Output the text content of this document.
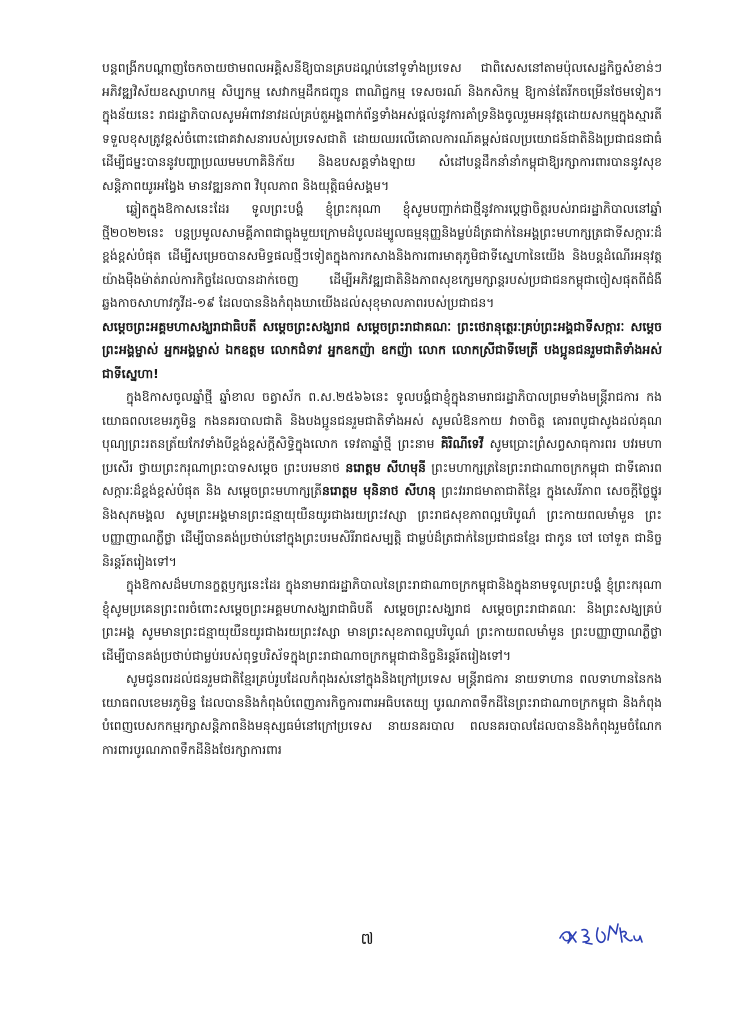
បន្តពង្រីកបណ្តាញចែកចាយថាមពលអគ្គិសនីឱ្យបានគ្របដណ្តប់នៅទូទាំងប្រទេស ជាពិសេសនៅតាមប៉ុលសេដ្ឋកិច្ចសំខាន់ៗ អភិវឌ្ឍវិស័យឧស្សាហកម្ម សិប្បកម្ម សេវាកម្មដឹកជញ្ជូន ពាណិជ្ជកម្ម ទេសចរណ៍ និងកសិកម្ម ឱ្យកាន់តែរីកចម្រើនថែមទៀត។ ក្នុងន័យនេះ រាជរដ្ឋាភិបាលសូមអំពាវនាវដល់គ្រប់តួអង្គពាក់ព័ន្ធទាំងអស់ផ្តល់នូវការគាំទ្រនិងចូលរួមអនុវត្តដោយសកម្មក្នុងស្មារតីទទួលខុសត្រូវខ្ពស់ចំពោះជោគវាសនារបស់ប្រទេសជាតិ ដោយឈរលើគោលការណ៍គម្ពស់ផលប្រយោជន៍ជាតិនិងប្រជាជនជាធំ ដើម្បីជម្នះបាននូវបញ្ហាប្រឈមមហាគិនិក័យ និងឧបសគ្គទាំងឡាយ សំដៅបន្តដឹកនាំនាំកម្ពុជាឱ្យរក្សាការពារបាននូវសុខសន្តិភាពយូរអង្វែង មានវឌ្ឍនភាព វិបុលភាព និងយុត្តិធម៌សង្គម។

ឆ្លៀតក្នុងឱកាសនេះដែរ ទូលព្រះបង្គំ ខ្ញុំព្រះករុណា ខ្ញុំសូមបញ្ជាក់ជាថ្មីនូវការប្តេជ្ញាចិត្តរបស់រាជរដ្ឋាភិបាលនៅឆ្នាំថ្មី២០២២នេះ បន្តប្រមូលសាមគ្គីភាពជាធ្លុងមួយក្រោមដំបូលដម្បូលធម្មនុញ្ញនិងម្លប់ដ៏ត្រជាក់នៃអង្គព្រះមហាក្សត្រជាទីសក្ការៈដ៏ខ្ពង់ខ្ពស់បំផុត ដើម្បីសម្រេចបានសមិទ្ធផលថ្មីៗទៀតក្នុងការកសាងនិងការពារមាតុភូមិជាទីស្នេហានៃយើង និងបន្តដំណើរអនុវត្តយ៉ាងម៉ឺងម៉ាត់រាល់ការកិច្ចដែលបានដាក់ចេញ ដើម្បីអភិវឌ្ឍជាតិនិងភាពសុខក្សេមក្សាន្តរបស់ប្រជាជនកម្ពុជាចៀសផុតពីជំងឺឆ្លងកាចសាហាវកូវីដ-១៩ ដែលបាននិងកំពុងឃាយើងដល់សុខុមាលភាពរបស់ប្រជាជន។

សម្តេចព្រះអគ្គមហាសង្ឃរាជាធិបតី សម្តេចព្រះសង្ឃរាជ សម្តេចព្រះរាជាគណៈ ព្រះថេរានុត្ថេរៈគ្រប់ព្រះអង្គជាទីសក្ការៈ សម្តេច ព្រះអង្គម្ចាស់ អ្នកអង្គម្ចាស់ ឯកឧត្តម លោកជំទាវ អ្នកឧកញ៉ា ឧកញ៉ា លោក លោកស្រីជាទីមេត្រី បងប្អូនជនរួមជាតិទាំងអស់ជាទីស្នេហា!

ក្នុងឱកាសចូលឆ្នាំថ្មី ឆ្នាំខាល ចត្វាស័ក ព.ស.២៥៦៦នេះ ទូលបង្គំជាខ្ញុំក្នុងនាមរាជរដ្ឋាភិបាលព្រមទាំងមន្ត្រីរាជការ កងយោធពលខេមរភូមិន្ទ កងនគរបាលជាតិ និងបងប្អូនជនរួមជាតិទាំងអស់ សូមលំឱនកាយ វាចាចិត្ត គោរពបូជាសូងដល់គុណបុណ្យព្រះរតនត្រ័យកែវទាំងបីខ្ពង់ខ្ពស់ក្ដីសិទ្ធិក្នុងលោក ទេវតាឆ្នាំថ្មី ព្រះនាម គិរិណីទេវី សូមប្រោះព្រំសព្វសាធុការពរ បវរមហាប្រសើរ ថ្វាយព្រះករុណាព្រះបាទសម្តេច ព្រះបរមនាថ នរោត្តម សីហមុនី ព្រះមហាក្សត្រនៃព្រះរាជាណាចក្រកម្ពុជា ជាទីគោរពសក្ការៈដ៏ខ្ពង់ខ្ពស់បំផុត និង សម្តេចព្រះមហាក្សត្រីនរោត្តម មុនិនាថ សីហនុ ព្រះវររាជមាតាជាតិខ្មែរ ក្នុងសេរីភាព សេចក្តីថ្លៃថ្នូរ និងសុភមង្គល សូមព្រះអង្គមានព្រះជន្មាយុយឺនយូរជាងរយព្រះវស្សា ព្រះរាជសុខភាពល្អបរិបូណ៌ ព្រះកាយពលមាំមួន ព្រះបញ្ញាញាណភ្លឺថ្លា ដើម្បីបានគង់ប្រថាប់នៅក្នុងព្រះបរមសិរីរាជសម្បត្តិ ជាម្លប់ដ៏ត្រជាក់នៃប្រជាជនខ្មែរ ជាកូន ចៅ ចៅទួត ជានិច្ចនិរន្តរ៍តរៀងទៅ។

ក្នុងឱកាសដ៏មហានក្ខត្តឫក្សនេះដែរ ក្នុងនាមរាជរដ្ឋាភិបាលនៃព្រះរាជាណាចក្រកម្ពុជានិងក្នុងនាមទូលព្រះបង្គំ ខ្ញុំព្រះករុណា ខ្ញុំសូមប្រគេនព្រះពរចំពោះសម្តេចព្រះអគ្គមហាសង្ឃរាជាធិបតី សម្តេចព្រះសង្ឃរាជ សម្តេចព្រះរាជាគណៈ និងព្រះសង្ឃគ្រប់ព្រះអង្គ សូមមានព្រះជន្មាយុយឺនយូរជាងរយព្រះវស្សា មានព្រះសុខភាពល្អបរិបូណ៌ ព្រះកាយពលមាំមួន ព្រះបញ្ញាញាណភ្លឺថ្លា ដើម្បីបានគង់ប្រថាប់ជាម្លប់របស់ពុទ្ធបរិស័ទក្នុងព្រះរាជាណាចក្រកម្ពុជាជានិច្ចនិរន្តរ៍តរៀងទៅ។

សូមជូនពរដល់ជនរួមជាតិខ្មែរគ្រប់រូបដែលកំពុងរស់នៅក្នុងនិងក្រៅប្រទេស មន្ត្រីរាជការ នាយទាហាន ពលទាហាននៃកងយោធពលខេមរភូមិន្ទ ដែលបាននិងកំពុងបំពេញភារកិច្ចការពារអធិបតេយ្យ បូរណភាពទឹកដីនៃព្រះរាជាណាចក្រកម្ពុជា និងកំពុងបំពេញបេសកកម្មរក្សាសន្តិភាពនិងមនុស្សធម៌នៅក្រៅប្រទេស នាយនគរបាល ពលនគរបាលដែលបាននិងកំពុងរួមចំណែកការពារបូរណភាពទឹកដីនិងថែរក្សាការពារ

៧
